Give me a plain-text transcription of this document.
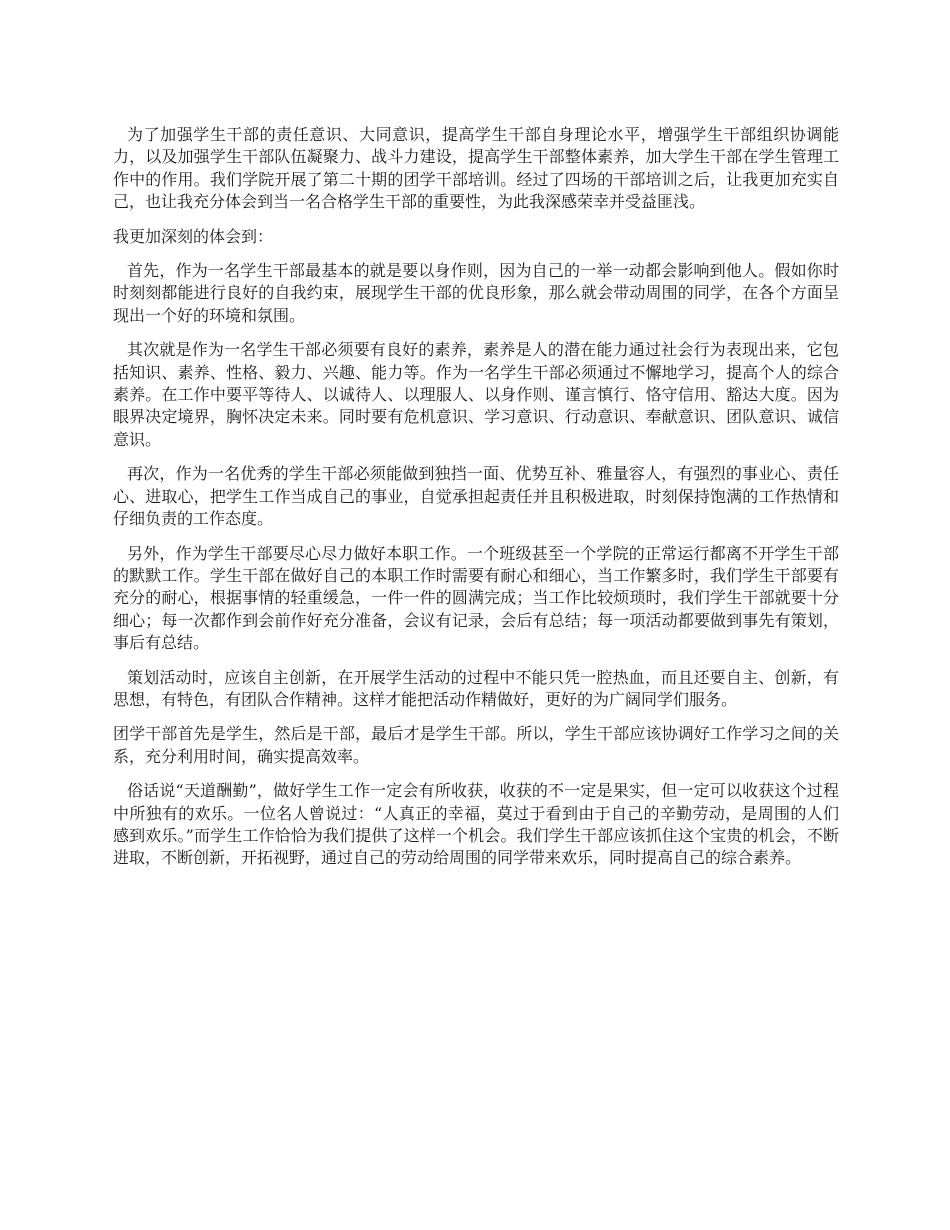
为了加强学生干部的责任意识、大同意识，提高学生干部自身理论水平，增强学生干部组织协调能力，以及加强学生干部队伍凝聚力、战斗力建设，提高学生干部整体素养，加大学生干部在学生管理工作中的作用。我们学院开展了第二十期的团学干部培训。经过了四场的干部培训之后，让我更加充实自己，也让我充分体会到当一名合格学生干部的重要性，为此我深感荣幸并受益匪浅。

我更加深刻的体会到：

首先，作为一名学生干部最基本的就是要以身作则，因为自己的一举一动都会影响到他人。假如你时时刻刻都能进行良好的自我约束，展现学生干部的优良形象，那么就会带动周围的同学，在各个方面呈现出一个好的环境和氛围。

其次就是作为一名学生干部必须要有良好的素养，素养是人的潜在能力通过社会行为表现出来，它包括知识、素养、性格、毅力、兴趣、能力等。作为一名学生干部必须通过不懈地学习，提高个人的综合素养。在工作中要平等待人、以诚待人、以理服人、以身作则、谨言慎行、恪守信用、豁达大度。因为眼界决定境界，胸怀决定未来。同时要有危机意识、学习意识、行动意识、奉献意识、团队意识、诚信意识。

再次，作为一名优秀的学生干部必须能做到独挡一面、优势互补、雅量容人，有强烈的事业心、责任心、进取心，把学生工作当成自己的事业，自觉承担起责任并且积极进取，时刻保持饱满的工作热情和仔细负责的工作态度。

另外，作为学生干部要尽心尽力做好本职工作。一个班级甚至一个学院的正常运行都离不开学生干部的默默工作。学生干部在做好自己的本职工作时需要有耐心和细心，当工作繁多时，我们学生干部要有充分的耐心，根据事情的轻重缓急，一件一件的圆满完成；当工作比较烦琐时，我们学生干部就要十分细心；每一次都作到会前作好充分准备，会议有记录，会后有总结；每一项活动都要做到事先有策划，事后有总结。

策划活动时，应该自主创新，在开展学生活动的过程中不能只凭一腔热血，而且还要自主、创新，有思想，有特色，有团队合作精神。这样才能把活动作精做好，更好的为广阔同学们服务。

团学干部首先是学生，然后是干部，最后才是学生干部。所以，学生干部应该协调好工作学习之间的关系，充分利用时间，确实提高效率。

俗话说“天道酬勤”，做好学生工作一定会有所收获，收获的不一定是果实，但一定可以收获这个过程中所独有的欢乐。一位名人曾说过：“人真正的幸福，莫过于看到由于自己的辛勤劳动，是周围的人们感到欢乐。”而学生工作恰恰为我们提供了这样一个机会。我们学生干部应该抓住这个宝贵的机会，不断进取，不断创新，开拓视野，通过自己的劳动给周围的同学带来欢乐，同时提高自己的综合素养。
